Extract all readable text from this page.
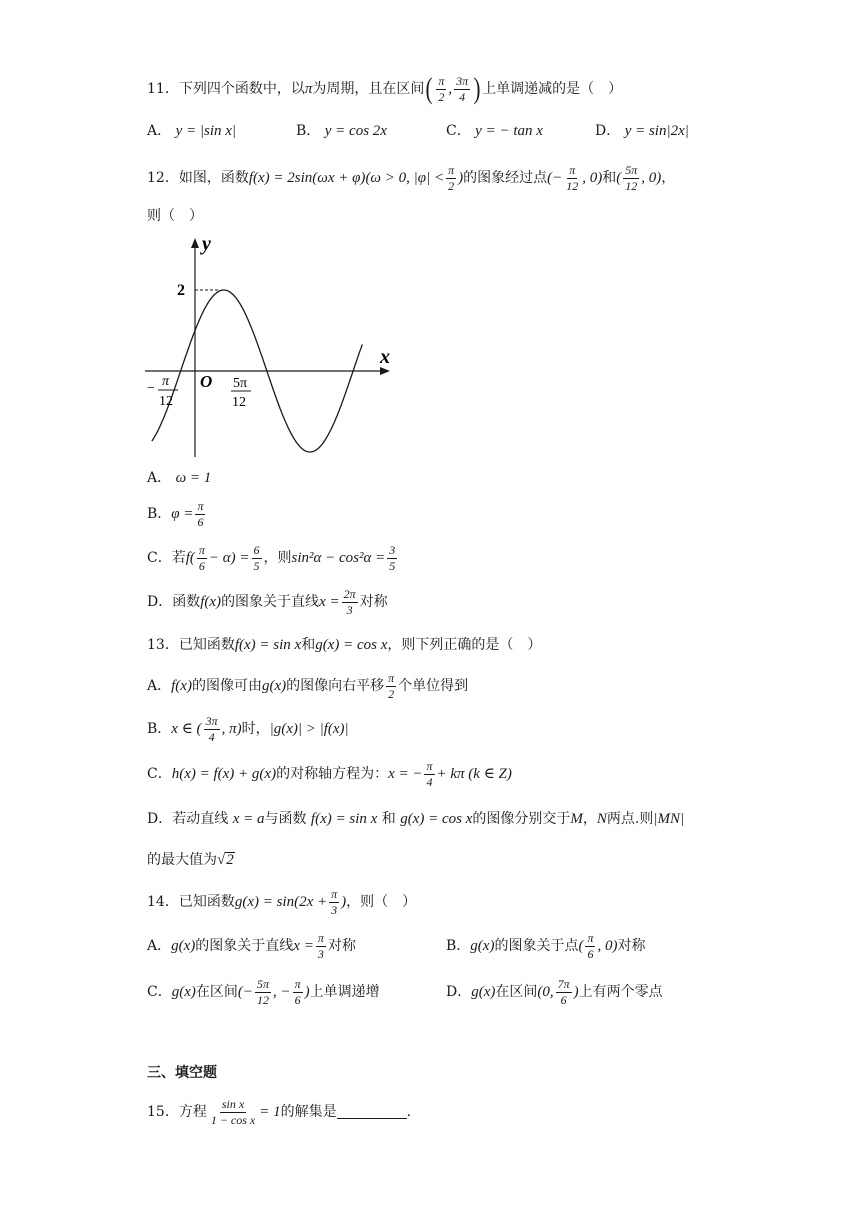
11．下列四个函数中，以 π 为周期，且在区间 ( $\frac{\pi}{2}$ , $\frac{3\pi}{4}$ ) 上单调递减的是（　）
A． y = |sin x|	B． y = cos 2x	C． y = − tan x	D． y = sin|2x|
12．如图，函数 f(x) = 2sin(ωx + φ) (ω > 0, $|\varphi| < \frac{\pi}{2}$ ) 的图象经过点 (− $\frac{\pi}{12}$ , 0) 和 ( $\frac{5\pi}{12}$ , 0) ，
则（　）
y
x
O
2
− π
12
5π
12
A． ω = 1
B． $\varphi = \frac{\pi}{6}$
C． 若 $f( \frac{\pi}{6} - \alpha) = \frac{6}{5}$ ，则 $\sin^2\alpha - \cos^2\alpha = \frac{3}{5}$
D． 函数 f(x) 的图象关于直线 $x = \frac{2\pi}{3}$ 对称
13．已知函数f(x) = sin x和g(x) = cos x，则下列正确的是（　）
A． f(x) 的图像可由 g(x) 的图像向右平移 $\frac{\pi}{2}$ 个单位得到
B． x ∈ ( $\frac{3\pi}{4}$ , π) 时， |g(x)| > |f(x)|
C． h(x) = f(x) + g(x) 的对称轴方程为： x = − $\frac{\pi}{4} + k\pi$ (k ∈ Z)
D．若动直线 x = a与函数 f(x) = sin x 和 g(x) = cos x的图像分别交于M，N两点.则|MN|
的最大值为 √ 2
14．已知函数 $g(x) = \sin(2x + \frac{\pi}{3}$ ) ，则（　）
A． g(x) 的图象关于直线 $x = \frac{\pi}{3}$ 对称	B． g(x) 的图象关于点 ( $\frac{\pi}{6}$ , 0) 对称
C． g(x) 在区间 (− $\frac{5\pi}{12}$ , − $\frac{\pi}{6}$ ) 上单调递增	D． g(x) 在区间 (0, $\frac{7\pi}{6}$ ) 上有两个零点
三、填空题
15．方程 $\frac{\text{sin x}}{\text{1 − cos x}} = 1$ 的解集是	.
